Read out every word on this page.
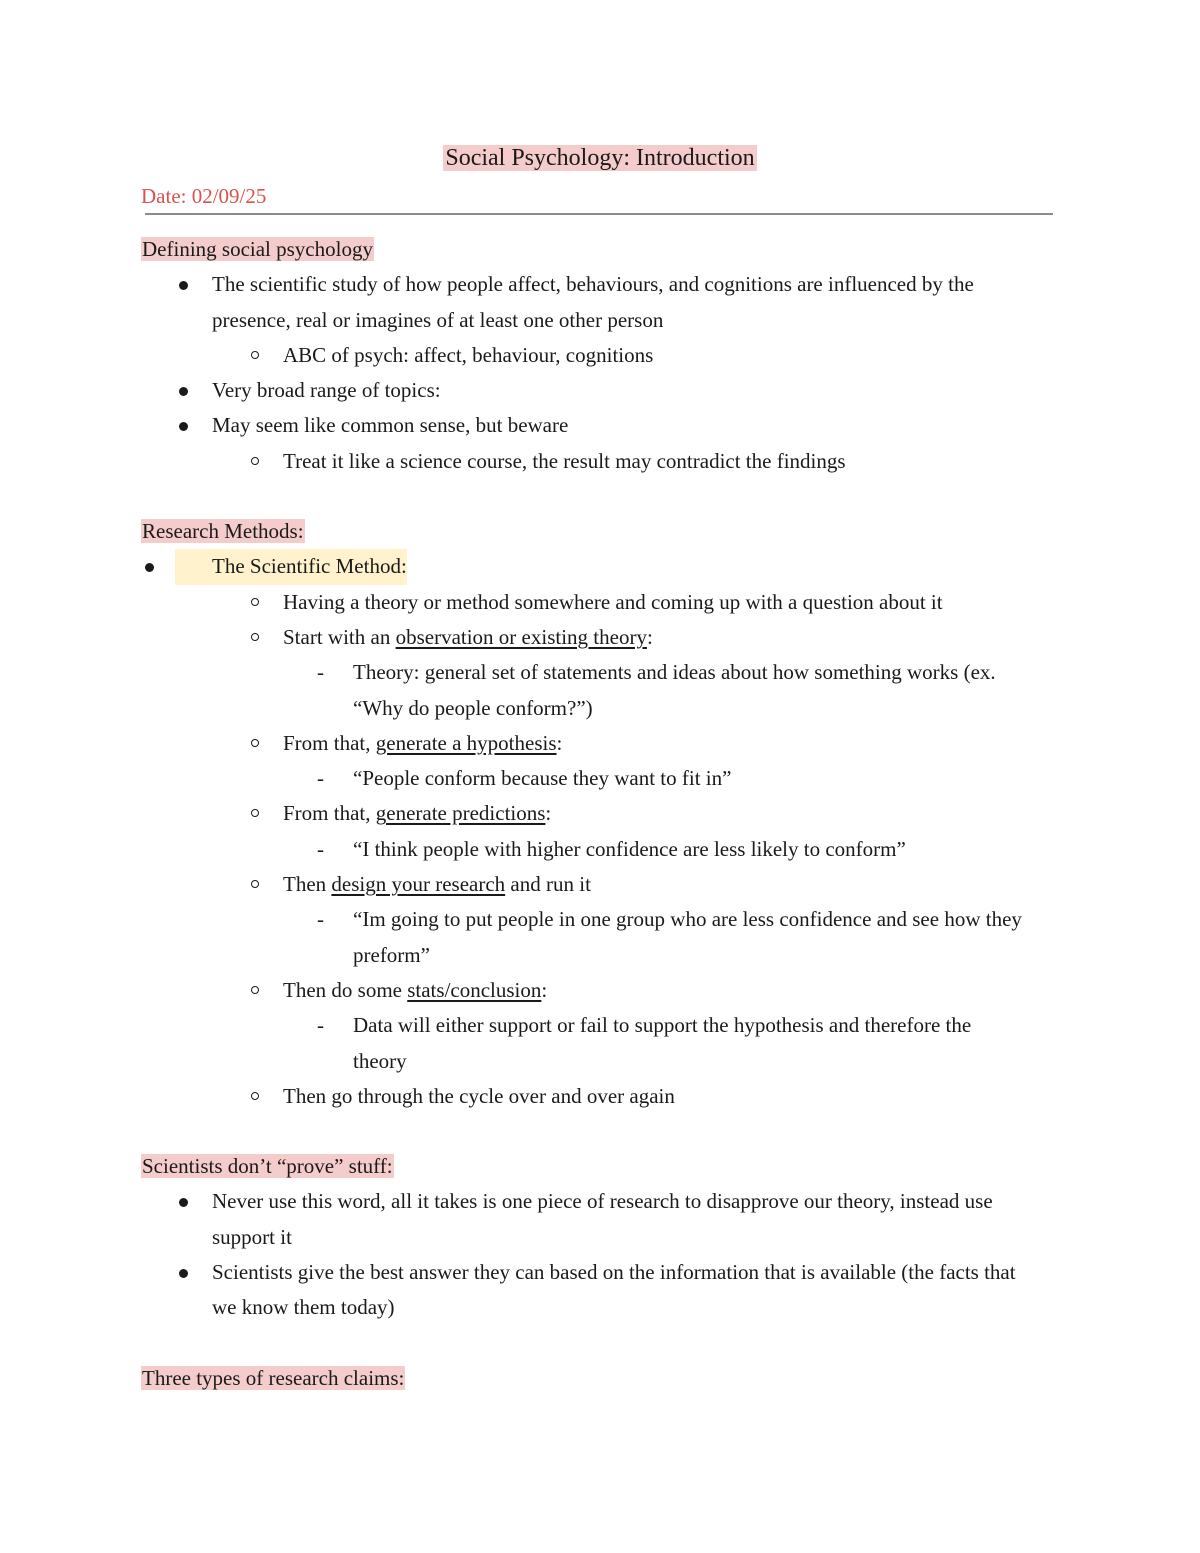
Social Psychology: Introduction
Date: 02/09/25
Defining social psychology
The scientific study of how people affect, behaviours, and cognitions are influenced by the
presence, real or imagines of at least one other person
ABC of psych: affect, behaviour, cognitions
Very broad range of topics:
May seem like common sense, but beware
Treat it like a science course, the result may contradict the findings
Research Methods:
The Scientific Method:
Having a theory or method somewhere and coming up with a question about it
Start with an observation or existing theory:
- Theory: general set of statements and ideas about how something works (ex.
“Why do people conform?”)
From that, generate a hypothesis:
- “People conform because they want to fit in”
From that, generate predictions:
- “I think people with higher confidence are less likely to conform”
Then design your research and run it
- “Im going to put people in one group who are less confidence and see how they
preform”
Then do some stats/conclusion:
- Data will either support or fail to support the hypothesis and therefore the
theory
Then go through the cycle over and over again
Scientists don’t “prove” stuff:
Never use this word, all it takes is one piece of research to disapprove our theory, instead use
support it
Scientists give the best answer they can based on the information that is available (the facts that
we know them today)
Three types of research claims:
